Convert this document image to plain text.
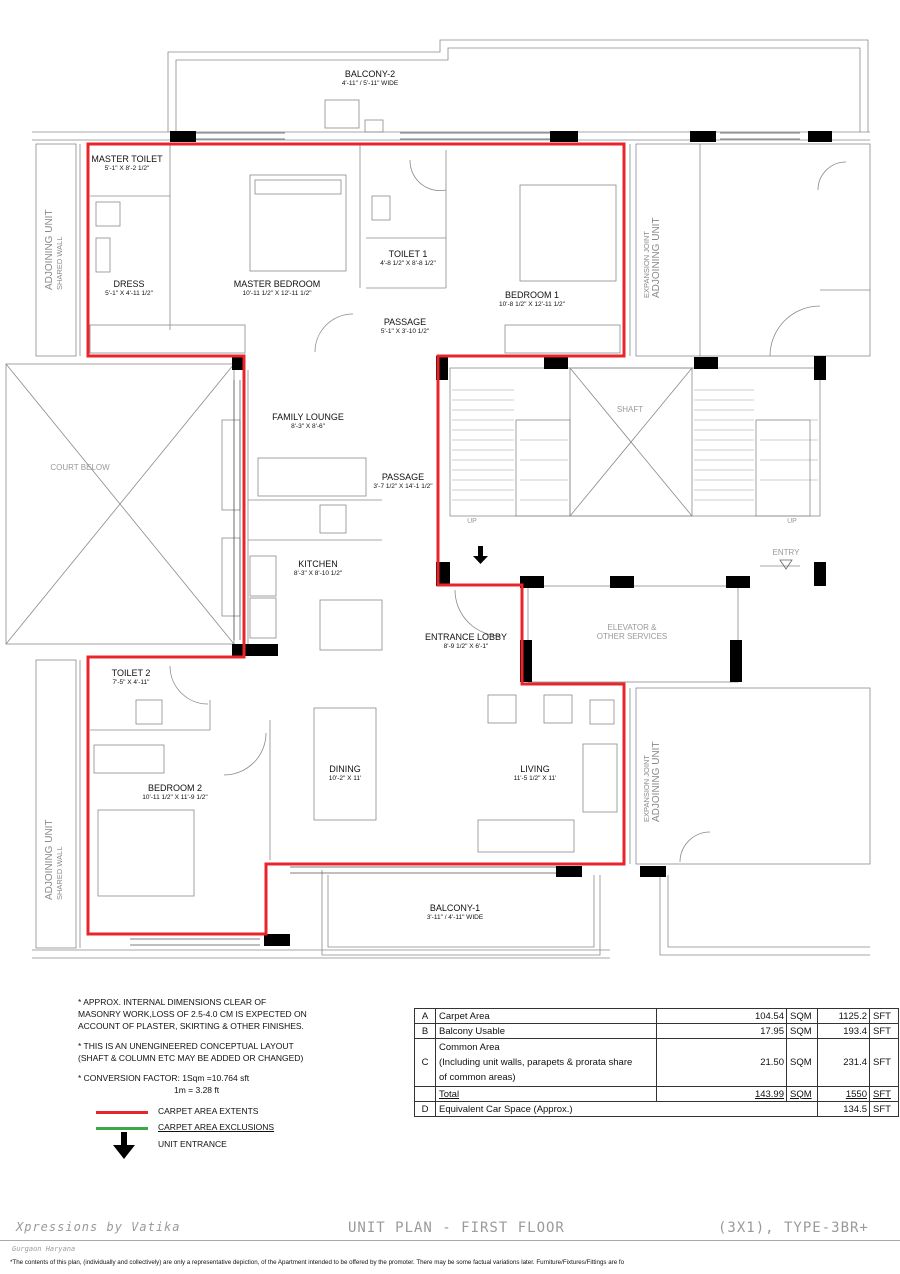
BALCONY-2
4'-11" / 5'-11" WIDE
MASTER TOILET
5'-1" X 8'-2 1/2"
MASTER BEDROOM
10'-11 1/2" X 12'-11 1/2"
DRESS
5'-1" X 4'-11 1/2"
TOILET 1
4'-8 1/2" X 8'-8 1/2"
BEDROOM 1
10'-8 1/2" X 12'-11 1/2"
PASSAGE
5'-1" X 3'-10 1/2"
FAMILY LOUNGE
8'-3" X 8'-6"
PASSAGE
3'-7 1/2" X 14'-1 1/2"
KITCHEN
8'-3" X 8'-10 1/2"
ENTRANCE LOBBY
8'-9 1/2" X 6'-1"
TOILET 2
7'-5" X 4'-11"
BEDROOM 2
10'-11 1/2" X 11'-9 1/2"
DINING
10'-2" X 11'
LIVING
11'-5 1/2" X 11'
BALCONY-1
3'-11" / 4'-11" WIDE
COURT BELOW
SHAFT
UP	UP
ENTRY
ELEVATOR &
OTHER SERVICES
ADJOINING UNIT SHARED WALL
ADJOINING UNIT SHARED WALL
EXPANSION JOINT ADJOINING UNIT
EXPANSION JOINT ADJOINING UNIT

* APPROX. INTERNAL DIMENSIONS CLEAR OF
MASONRY WORK,LOSS OF 2.5-4.0 CM IS EXPECTED ON
ACCOUNT OF PLASTER, SKIRTING & OTHER FINISHES.

* THIS IS AN UNENGINEERED CONCEPTUAL LAYOUT
(SHAFT & COLUMN ETC MAY BE ADDED OR CHANGED)

* CONVERSION FACTOR: 1Sqm =10.764 sft
1m = 3.28 ft

CARPET AREA EXTENTS
CARPET AREA EXCLUSIONS
UNIT ENTRANCE
A	Carpet Area	104.54	SQM	1125.2	SFT
B	Balcony Usable	17.95	SQM	193.4	SFT
C	Common Area
(Including unit walls, parapets & prorata share
of common areas)	21.50	SQM	231.4	SFT
	Total	143.99	SQM	1550	SFT
D	Equivalent Car Space (Approx.)			134.5	SFT
Xpressions by Vatika	UNIT PLAN - FIRST FLOOR	(3X1), TYPE-3BR+
Gurgaon Haryana
*The contents of this plan, (individually and collectively) are only a representative depiction, of the Apartment intended to be offered by the promoter. There may be some factual variations later. Furniture/Fixtures/Fittings are fo
